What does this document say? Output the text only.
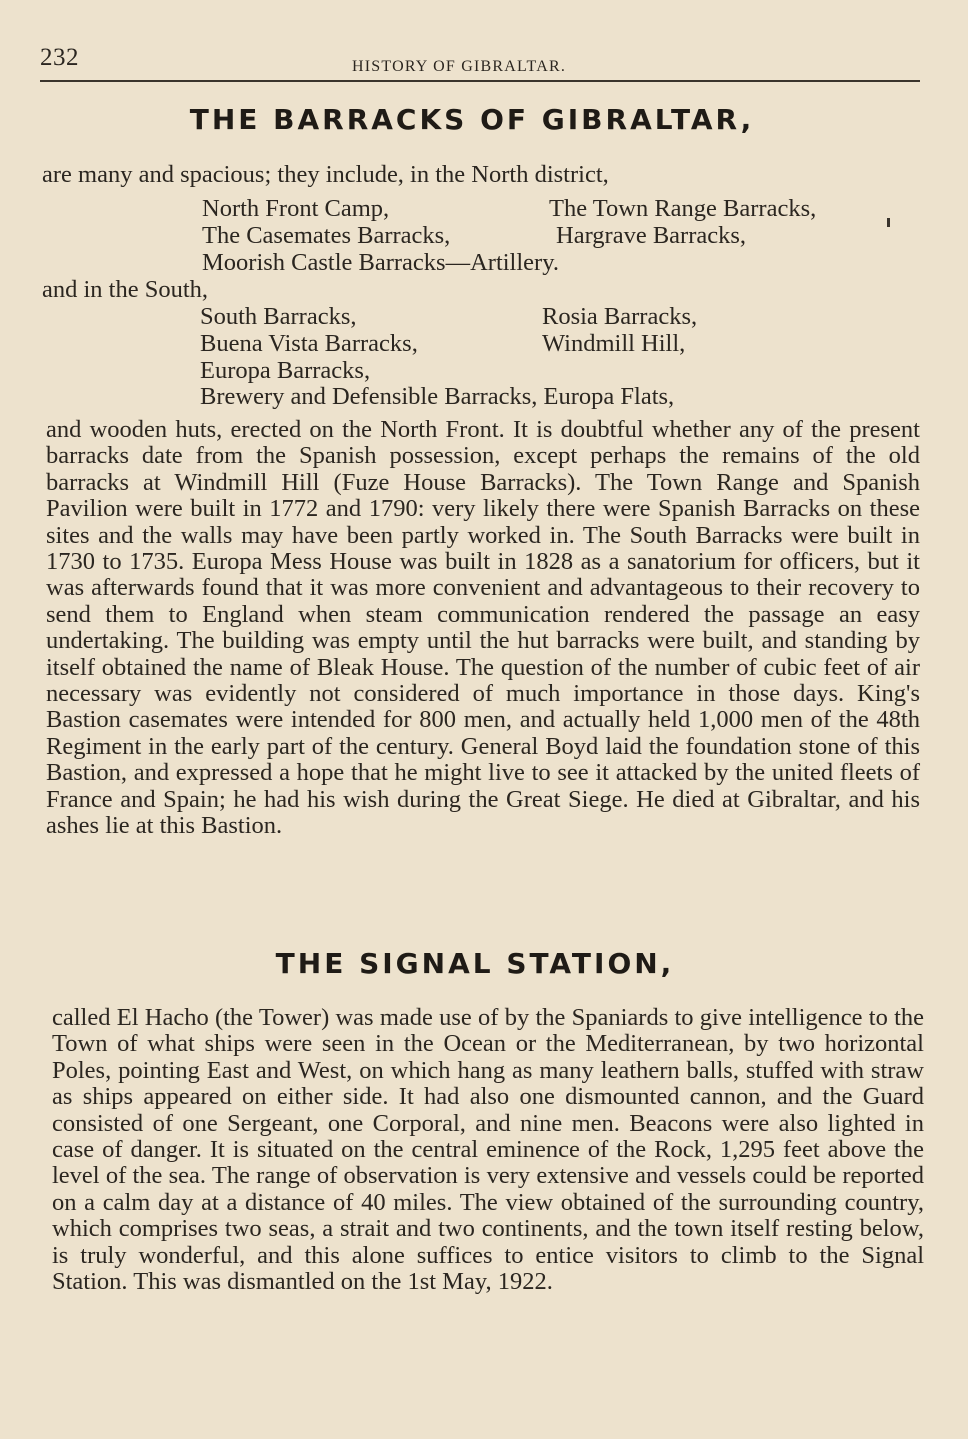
232	HISTORY OF GIBRALTAR.
THE BARRACKS OF GIBRALTAR,
are many and spacious; they include, in the North district,
North Front Camp,	The Town Range Barracks,
The Casemates Barracks,	Hargrave Barracks,
Moorish Castle Barracks—Artillery.
and in the South,
South Barracks,	Rosia Barracks,
Buena Vista Barracks,	Windmill Hill,
Europa Barracks,
Brewery and Defensible Barracks, Europa Flats,

and wooden huts, erected on the North Front. It is doubtful whether any of the present barracks date from the Spanish possession, except perhaps the remains of the old barracks at Windmill Hill (Fuze House Barracks). The Town Range and Spanish Pavilion were built in 1772 and 1790: very likely there were Spanish Barracks on these sites and the walls may have been partly worked in. The South Barracks were built in 1730 to 1735. Europa Mess House was built in 1828 as a sanatorium for officers, but it was afterwards found that it was more convenient and advantageous to their recovery to send them to England when steam communication rendered the passage an easy undertaking. The building was empty until the hut barracks were built, and standing by itself obtained the name of Bleak House. The question of the number of cubic feet of air necessary was evidently not considered of much importance in those days. King's Bastion casemates were intended for 800 men, and actually held 1,000 men of the 48th Regiment in the early part of the century. General Boyd laid the foundation stone of this Bastion, and expressed a hope that he might live to see it attacked by the united fleets of France and Spain; he had his wish during the Great Siege. He died at Gibraltar, and his ashes lie at this Bastion.

THE SIGNAL STATION,

called El Hacho (the Tower) was made use of by the Spaniards to give intelligence to the Town of what ships were seen in the Ocean or the Mediterranean, by two horizontal Poles, pointing East and West, on which hang as many leathern balls, stuffed with straw as ships appeared on either side. It had also one dismounted cannon, and the Guard consisted of one Sergeant, one Corporal, and nine men. Beacons were also lighted in case of danger. It is situated on the central eminence of the Rock, 1,295 feet above the level of the sea. The range of observation is very extensive and vessels could be reported on a calm day at a distance of 40 miles. The view obtained of the surrounding country, which comprises two seas, a strait and two continents, and the town itself resting below, is truly wonderful, and this alone suffices to entice visitors to climb to the Signal Station. This was dismantled on the 1st May, 1922.
